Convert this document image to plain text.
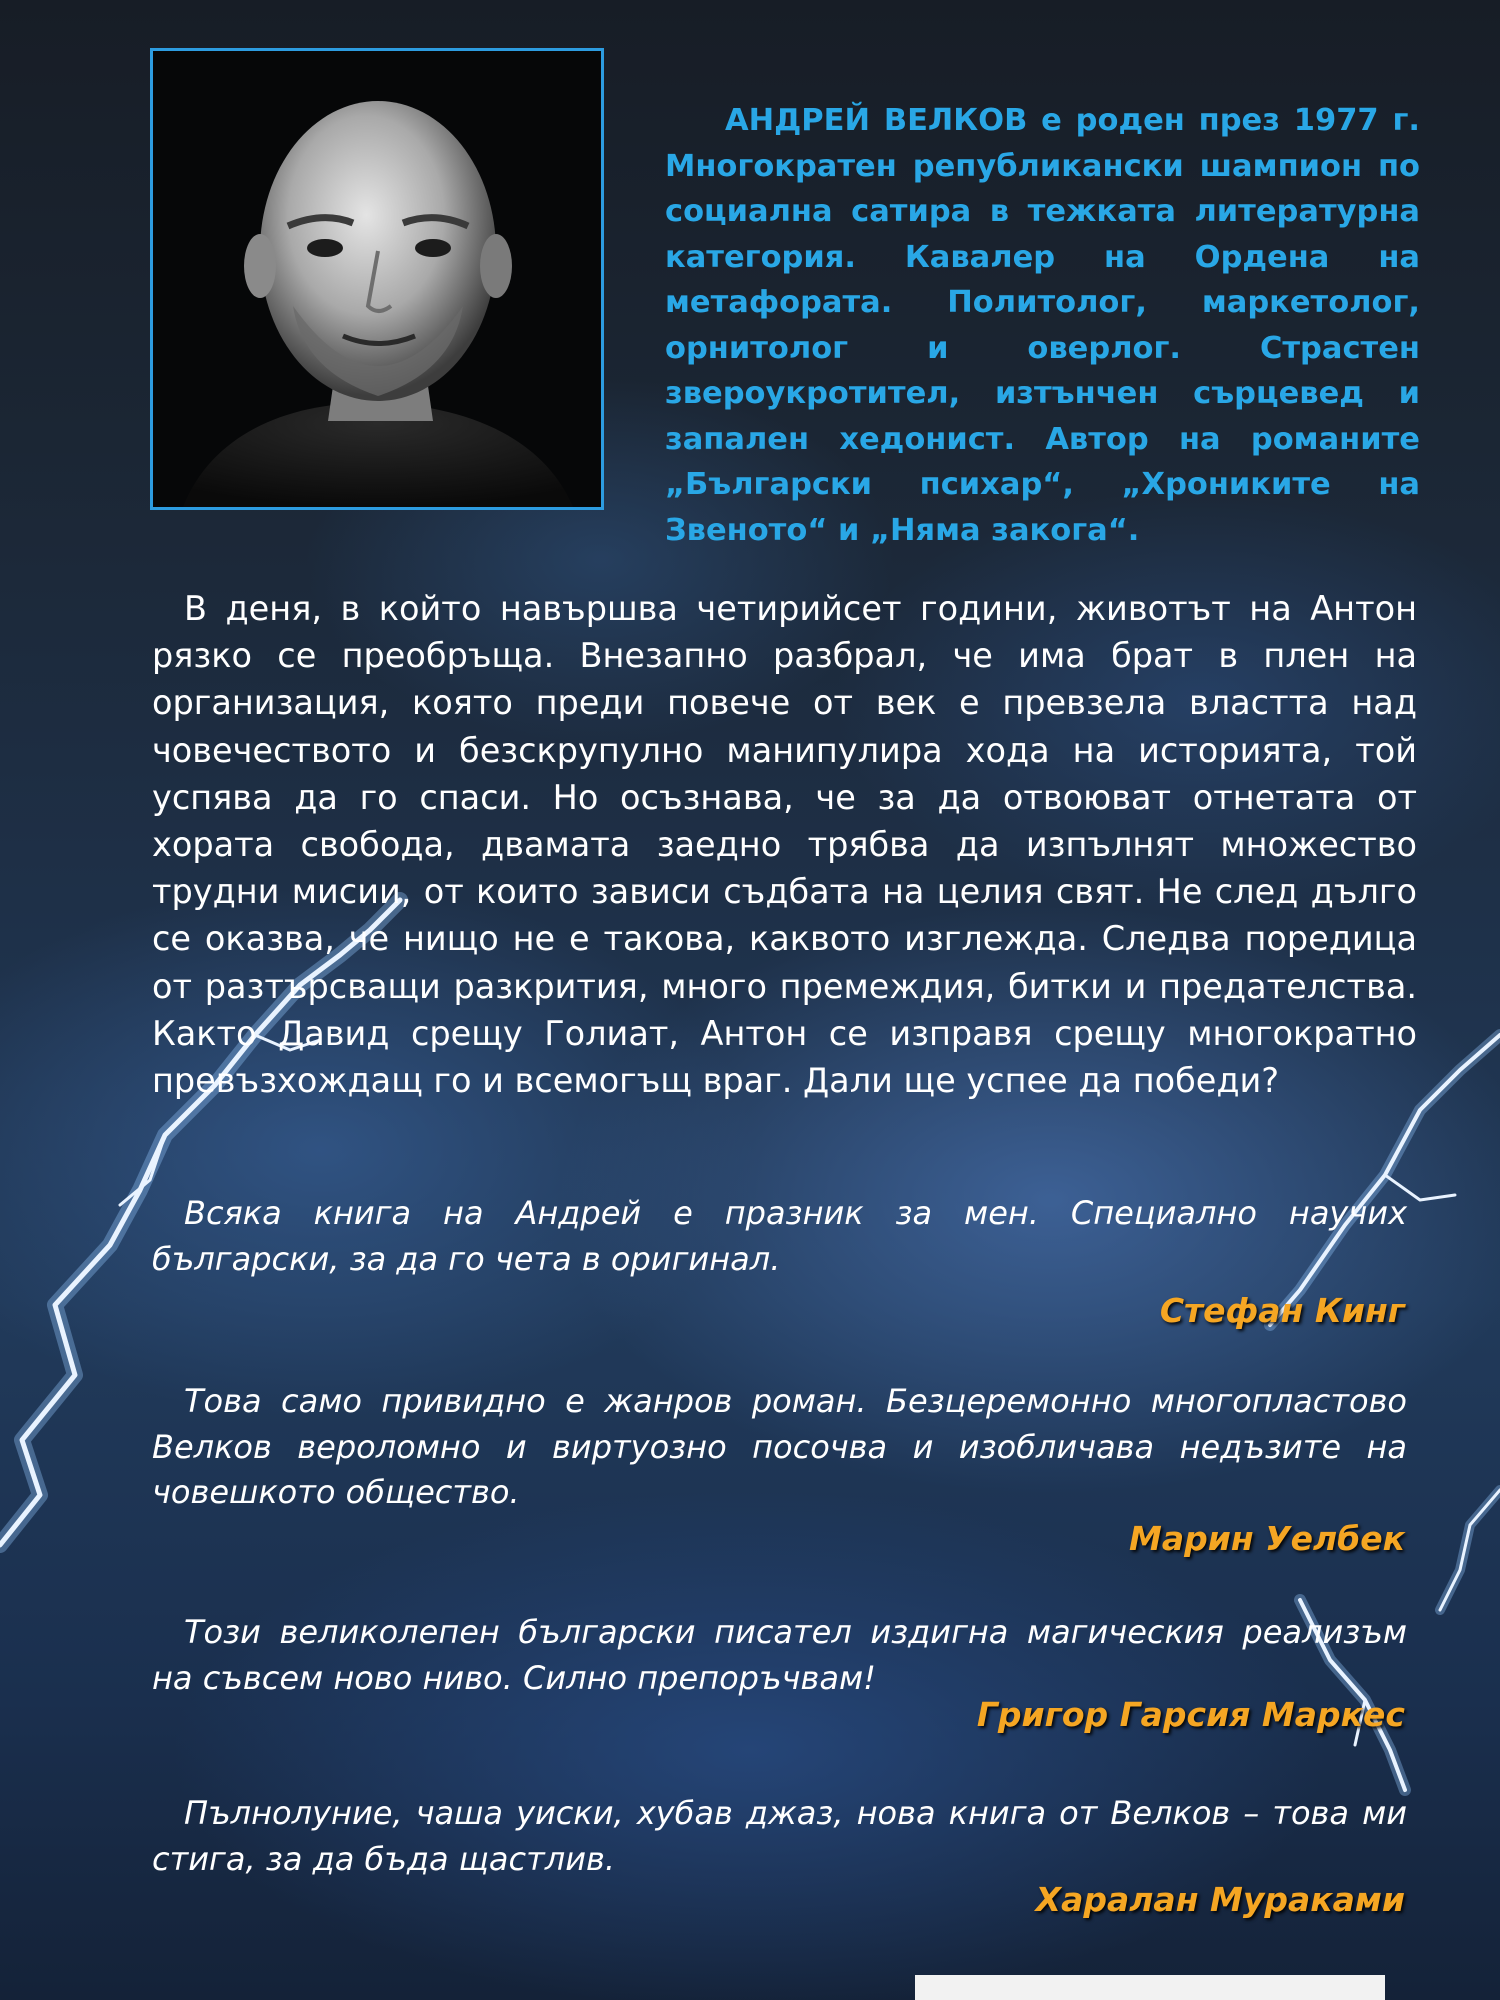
АНДРЕЙ ВЕЛКОВ е роден през 1977 г. Многократен републикански шампион по социална сатира в тежката литературна категория. Кавалер на Ордена на метафората. Политолог, маркетолог, орнитолог и оверлог. Страстен звероукротител, изтънчен сърцевед и запален хедонист. Автор на романите „Български психар“, „Хрониките на Звеното“ и „Няма закога“.

В деня, в който навършва четирийсет години, животът на Антон рязко се преобръща. Внезапно разбрал, че има брат в плен на организация, която преди повече от век е превзела властта над човечеството и безскрупулно манипулира хода на историята, той успява да го спаси. Но осъзнава, че за да отвоюват отнетата от хората свобода, двамата заедно трябва да изпълнят множество трудни мисии, от които зависи съдбата на целия свят. Не след дълго се оказва, че нищо не е такова, каквото изглежда. Следва поредица от разтърсващи разкрития, много премеждия, битки и предателства. Както Давид срещу Голиат, Антон се изправя срещу многократно превъзхождащ го и всемогъщ враг. Дали ще успее да победи?

Всяка книга на Андрей е празник за мен. Специално научих български, за да го чета в оригинал.

Стефан Кинг

Това само привидно е жанров роман. Безцеремонно многопластово Велков вероломно и виртуозно посочва и изобличава недъзите на човешкото общество.

Марин Уелбек

Този великолепен български писател издигна магическия реализъм на съвсем ново ниво. Силно препоръчвам!

Григор Гарсия Маркес

Пълнолуние, чаша уиски, хубав джаз, нова книга от Велков – това ми стига, за да бъда щастлив.

Харалан Мураками
